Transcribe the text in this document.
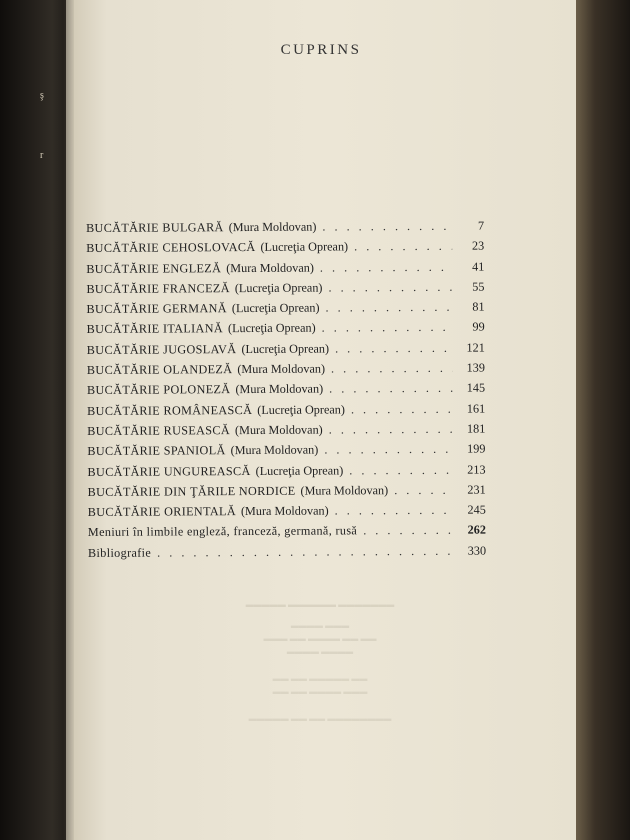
ş
r
CUPRINS
BUCĂTĂRIE BULGARĂ (Mura Moldovan) . . .	7
BUCĂTĂRIE CEHOSLOVACĂ (Lucreţia Oprean) . . .	23
BUCĂTĂRIE ENGLEZĂ (Mura Moldovan) . . .	41
BUCĂTĂRIE FRANCEZĂ (Lucreţia Oprean) . . .	55
BUCĂTĂRIE GERMANĂ (Lucreţia Oprean) . . .	81
BUCĂTĂRIE ITALIANĂ (Lucreţia Oprean) . . .	99
BUCĂTĂRIE JUGOSLAVĂ (Lucreţia Oprean) . . .	121
BUCĂTĂRIE OLANDEZĂ (Mura Moldovan) . . .	139
BUCĂTĂRIE POLONEZĂ (Mura Moldovan) . . .	145
BUCĂTĂRIE ROMÂNEASCĂ (Lucreţia Oprean) . . .	161
BUCĂTĂRIE RUSEASCĂ (Mura Moldovan) . . .	181
BUCĂTĂRIE SPANIOLĂ (Mura Moldovan) . . .	199
BUCĂTĂRIE UNGUREASCĂ (Lucreţia Oprean) . . .	213
BUCĂTĂRIE DIN ŢĂRILE NORDICE (Mura Moldovan) . . .	231
BUCĂTĂRIE ORIENTALĂ (Mura Moldovan) . . .	245
Meniuri în limbile engleză, franceză, germană, rusă . . .	262
Bibliografie . . .	330
▬▬▬▬▬ ▬▬▬▬▬▬ ▬▬▬▬▬▬▬
▬▬▬▬ ▬▬▬
▬▬▬ ▬▬ ▬▬▬▬ ▬▬ ▬▬
▬▬▬▬ ▬▬▬▬
▬▬ ▬▬ ▬▬▬▬▬ ▬▬
▬▬ ▬▬ ▬▬▬▬ ▬▬▬
▬▬▬▬▬ ▬▬ ▬▬ ▬▬▬▬▬▬▬▬
